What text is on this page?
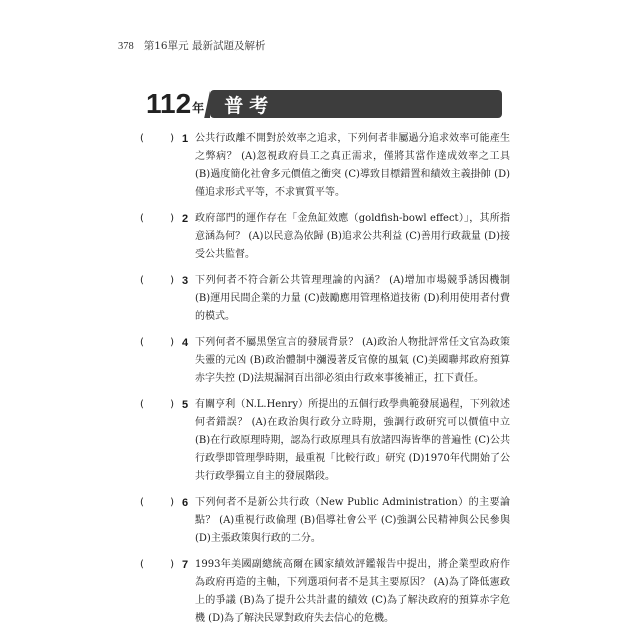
378 第16單元 最新試題及解析
112 年	普考
(	) 1 公共行政離不開對於效率之追求，下列何者非屬過分追求效率可能產生之弊病？ (A)忽視政府員工之真正需求，僅將其當作達成效率之工具 (B)過度簡化社會多元價值之衝突 (C)導致目標錯置和績效主義掛帥 (D)僅追求形式平等，不求實質平等。
(	) 2 政府部門的運作存在「金魚缸效應（goldfish-bowl effect）」，其所指意涵為何？ (A)以民意為依歸 (B)追求公共利益 (C)善用行政裁量 (D)接受公共監督。
(	) 3 下列何者不符合新公共管理理論的內涵？ (A)增加市場競爭誘因機制 (B)運用民間企業的力量 (C)鼓勵應用管理格道技術 (D)利用使用者付費的模式。
(	) 4 下列何者不屬黑堡宣言的發展背景？ (A)政治人物批評常任文官為政策失靈的元凶 (B)政治體制中瀰漫著反官僚的風氣 (C)美國聯邦政府預算赤字失控 (D)法規漏洞百出卻必須由行政來事後補正，扛下責任。
(	) 5 有關亨利（N.L.Henry）所提出的五個行政學典範發展過程，下列敘述何者錯誤？ (A)在政治與行政分立時期，強調行政研究可以價值中立 (B)在行政原理時期，認為行政原理具有放諸四海皆準的普遍性 (C)公共行政學即管理學時期，最重視「比較行政」研究 (D)1970年代開始了公共行政學獨立自主的發展階段。
(	) 6 下列何者不是新公共行政（New Public Administration）的主要論點？ (A)重視行政倫理 (B)倡導社會公平 (C)強調公民精神與公民參與 (D)主張政策與行政的二分。
(	) 7 1993年美國副總統高爾在國家績效評鑑報告中提出，將企業型政府作為政府再造的主軸，下列選項何者不是其主要原因？ (A)為了降低憲政上的爭議 (B)為了提升公共計畫的績效 (C)為了解決政府的預算赤字危機 (D)為了解決民眾對政府失去信心的危機。
